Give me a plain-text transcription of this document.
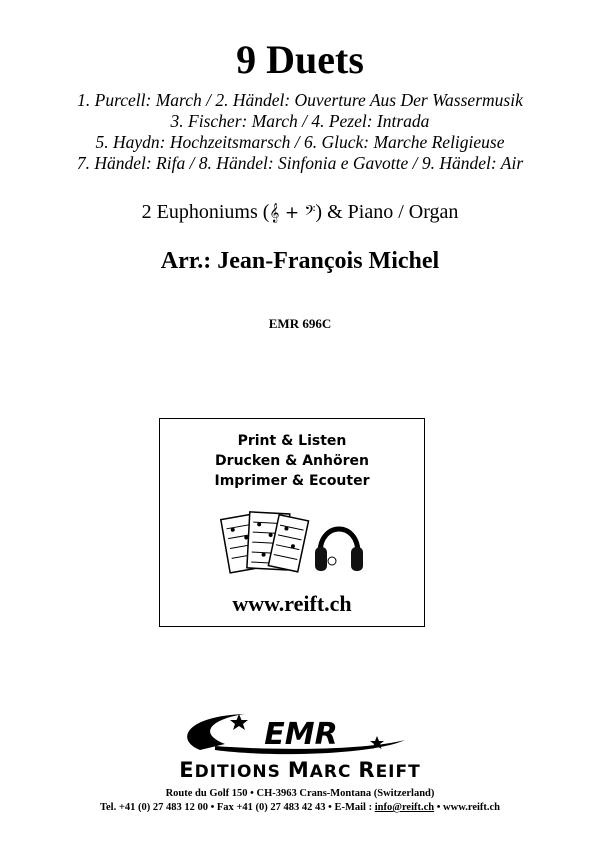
9 Duets
1. Purcell: March / 2. Händel: Ouverture Aus Der Wassermusik
3. Fischer: March / 4. Pezel: Intrada
5. Haydn: Hochzeitsmarsch / 6. Gluck: Marche Religieuse
7. Händel: Rifa / 8. Händel: Sinfonia e Gavotte / 9. Händel: Air
2 Euphoniums (𝄞 + 𝄢) & Piano / Organ
Arr.: Jean-François Michel
EMR 696C
Print & Listen
Drucken & Anhören
Imprimer & Ecouter
www.reift.ch
EMR
EDITIONS MARC REIFT
Route du Golf 150 • CH-3963 Crans-Montana (Switzerland)
Tel. +41 (0) 27 483 12 00 • Fax +41 (0) 27 483 42 43 • E-Mail : info@reift.ch • www.reift.ch
